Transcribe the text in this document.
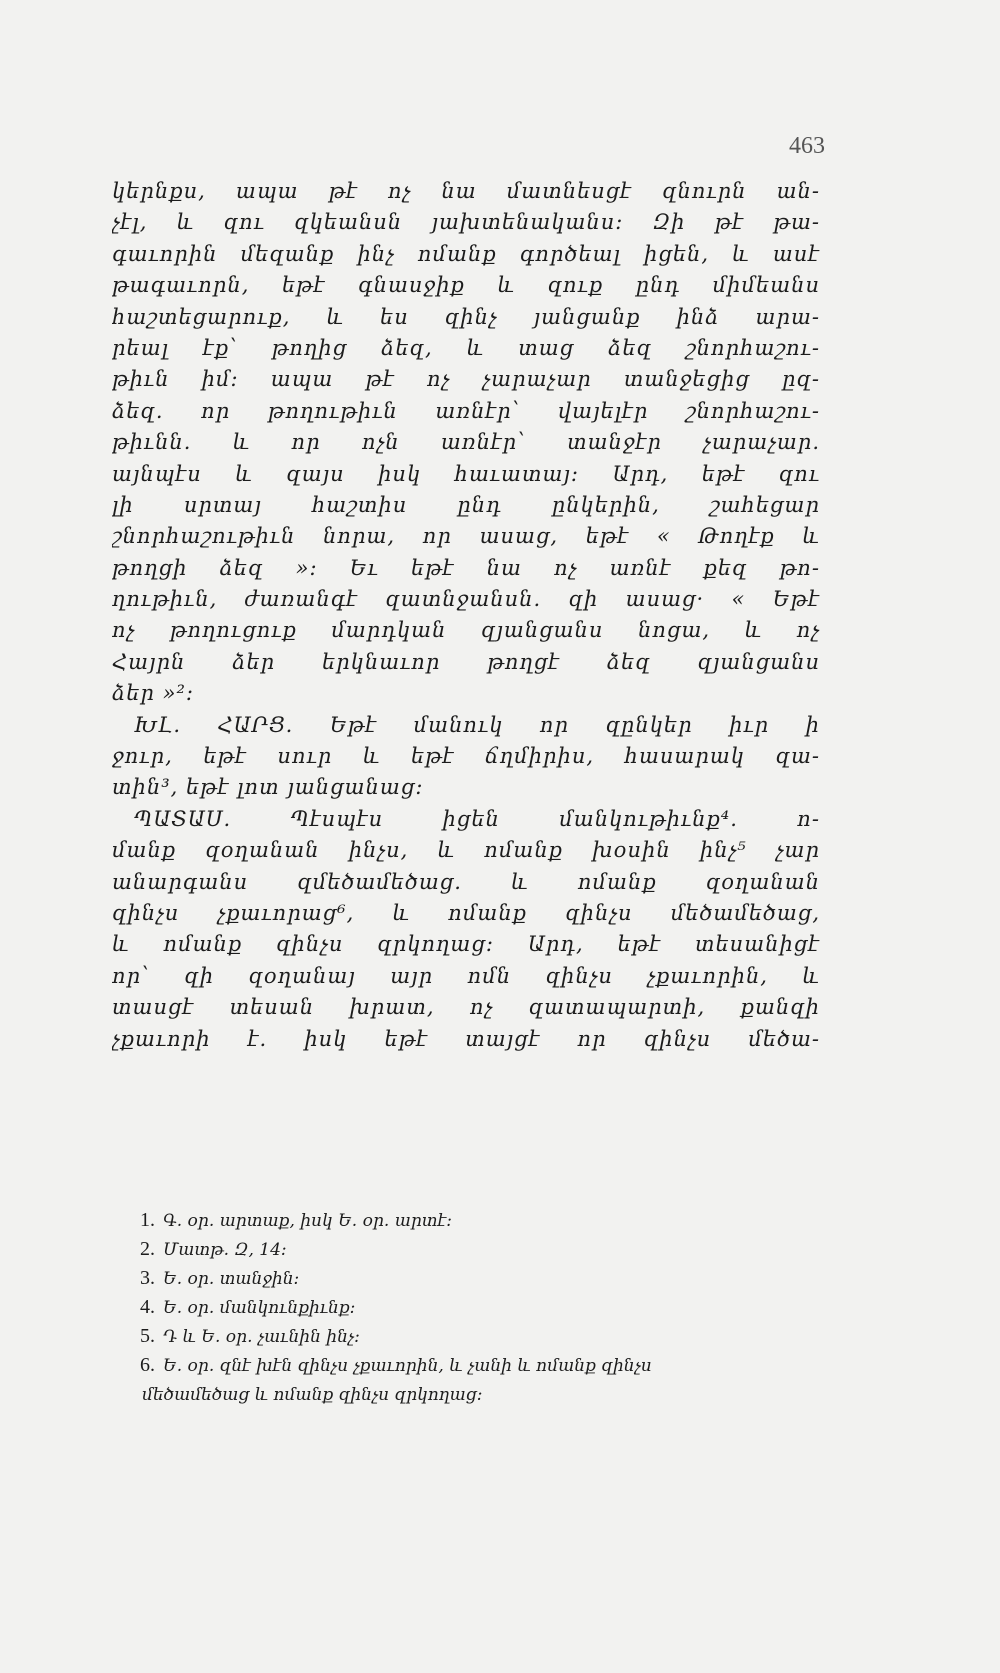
463

կերնքս, ապա թէ ոչ նա մատնեսցէ զնուրն ան-
չէլ, և զու զկեանսն յախտենականս։ Զի թէ թա-
գաւորին մեզանք ինչ ոմանք գործեալ իցեն, և ասէ
թագաւորն, եթէ գնասջիք և զուք ընդ միմեանս
հաշտեցարուք, և ես զինչ յանցանք ինձ արա-
րեալ էք՝ թողից ձեզ, և տաց ձեզ շնորհաշու-
թիւն իմ: ապա թէ ոչ չարաչար տանջեցից ըզ-
ձեզ. որ թողութիւն առնէր՝ վայելէր շնորհաշու-
թիւնն. և որ ոչն առնէր՝ տանջէր չարաչար.
այնպէս և զայս իսկ հաւատայ։ Արդ, եթէ զու
լի սրտայ հաշտիս ընդ ընկերին, շահեցար
շնորհաշութիւն նորա, որ ասաց, եթէ « Թողէք և
թողցի ձեզ »։ Եւ եթէ նա ոչ առնէ քեզ թո-
ղութիւն, ժառանգէ զատնջանսն. զի ասաց· « Եթէ
ոչ թողուցուք մարդկան զյանցանս նոցա, և ոչ
Հայրն ձեր երկնաւոր թողցէ ձեզ զյանցանս
ձեր »²։

ԽԼ. ՀԱՐՑ. Եթէ մանուկ որ զընկեր իւր ի
ջուր, եթէ սուր և եթէ ճղմիրիս, հասարակ զա-
տին³, եթէ լոտ յանցանաց։

ՊԱՏԱՍ. Պէսպէս իցեն մանկութիւնք⁴. ո-
մանք զօղանան ինչս, և ոմանք խօսին ինչ⁵ չար
անարգանս զմեծամեծաց. և ոմանք զօղանան
զինչս չքաւորաց⁶, և ոմանք զինչս մեծամեծաց,
և ոմանք զինչս զրկողաց։ Արդ, եթէ տեսանիցէ
որ՝ զի զօղանայ այր ոմն զինչս չքաւորին, և
տասցէ տեսան խրատ, ոչ զատապարտի, քանզի
չքաւորի է. իսկ եթէ տայցէ որ զինչս մեծա-

1. Գ. օր. արտաք, իսկ Ե. օր. արտէ։
2. Մատթ. Զ, 14։
3. Ե. օր. տանջին։
4. Ե. օր. մանկունքիւնք։
5. Դ և Ե. օր. չաւնին ինչ։
6. Ե. օր. զնէ խէն զինչս չքաւորին, և չանի և ոմանք զինչս
մեծամեծաց և ոմանք զինչս զրկողաց։
